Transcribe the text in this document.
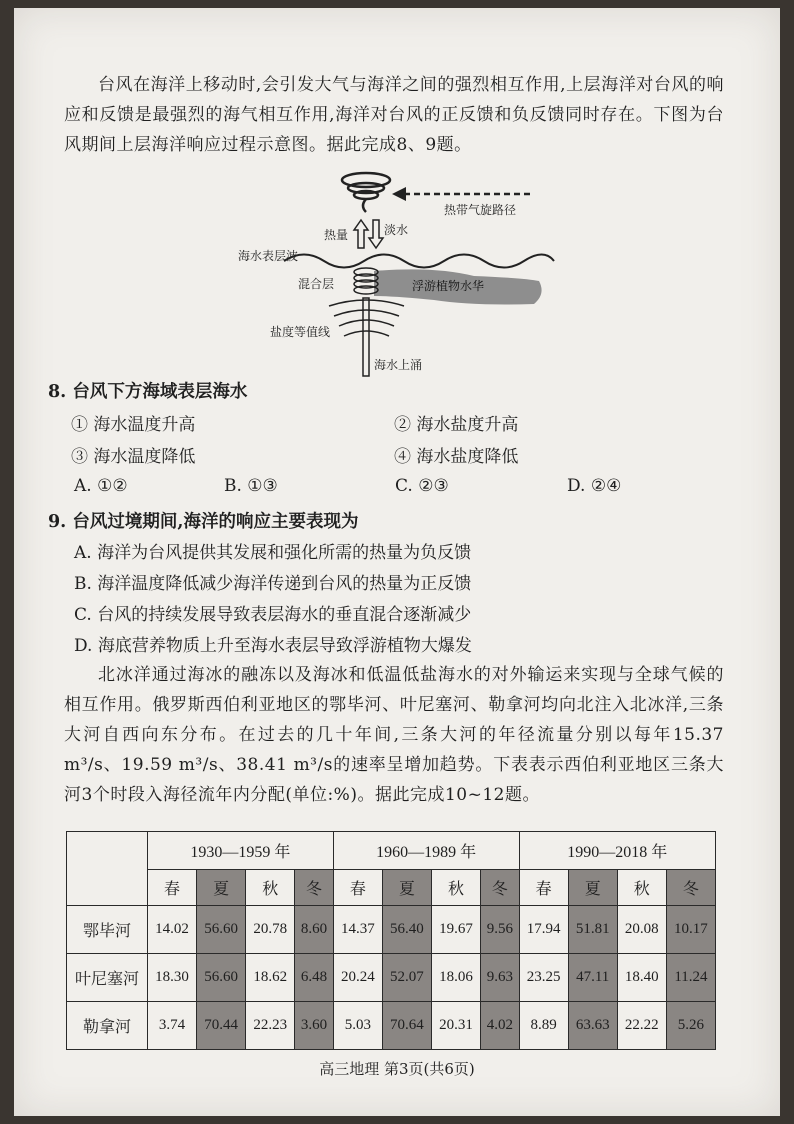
台风在海洋上移动时,会引发大气与海洋之间的强烈相互作用,上层海洋对台风的响应和反馈是最强烈的海气相互作用,海洋对台风的正反馈和负反馈同时存在。下图为台风期间上层海洋响应过程示意图。据此完成8、9题。

热带气旋路径
热量	淡水
海水表层波
浮游植物水华
混合层
盐度等值线
海水上涌
8. 台风下方海域表层海水
① 海水温度升高	② 海水盐度升高
③ 海水温度降低	④ 海水盐度降低
A. ①②	B. ①③	C. ②③	D. ②④
9. 台风过境期间,海洋的响应主要表现为
A. 海洋为台风提供其发展和强化所需的热量为负反馈
B. 海洋温度降低减少海洋传递到台风的热量为正反馈
C. 台风的持续发展导致表层海水的垂直混合逐渐减少
D. 海底营养物质上升至海水表层导致浮游植物大爆发

北冰洋通过海冰的融冻以及海冰和低温低盐海水的对外输运来实现与全球气候的相互作用。俄罗斯西伯利亚地区的鄂毕河、叶尼塞河、勒拿河均向北注入北冰洋,三条大河自西向东分布。在过去的几十年间,三条大河的年径流量分别以每年15.37 m³/s、19.59 m³/s、38.41 m³/s的速率呈增加趋势。下表表示西伯利亚地区三条大河3个时段入海径流年内分配(单位:%)。据此完成10~12题。

	1930—1959 年				1960—1989 年				1990—2018 年			
	春	夏	秋	冬	春	夏	秋	冬	春	夏	秋	冬
鄂毕河	14.02	56.60	20.78	8.60	14.37	56.40	19.67	9.56	17.94	51.81	20.08	10.17
叶尼塞河	18.30	56.60	18.62	6.48	20.24	52.07	18.06	9.63	23.25	47.11	18.40	11.24
勒拿河	3.74	70.44	22.23	3.60	5.03	70.64	20.31	4.02	8.89	63.63	22.22	5.26
高三地理 第3页(共6页)
